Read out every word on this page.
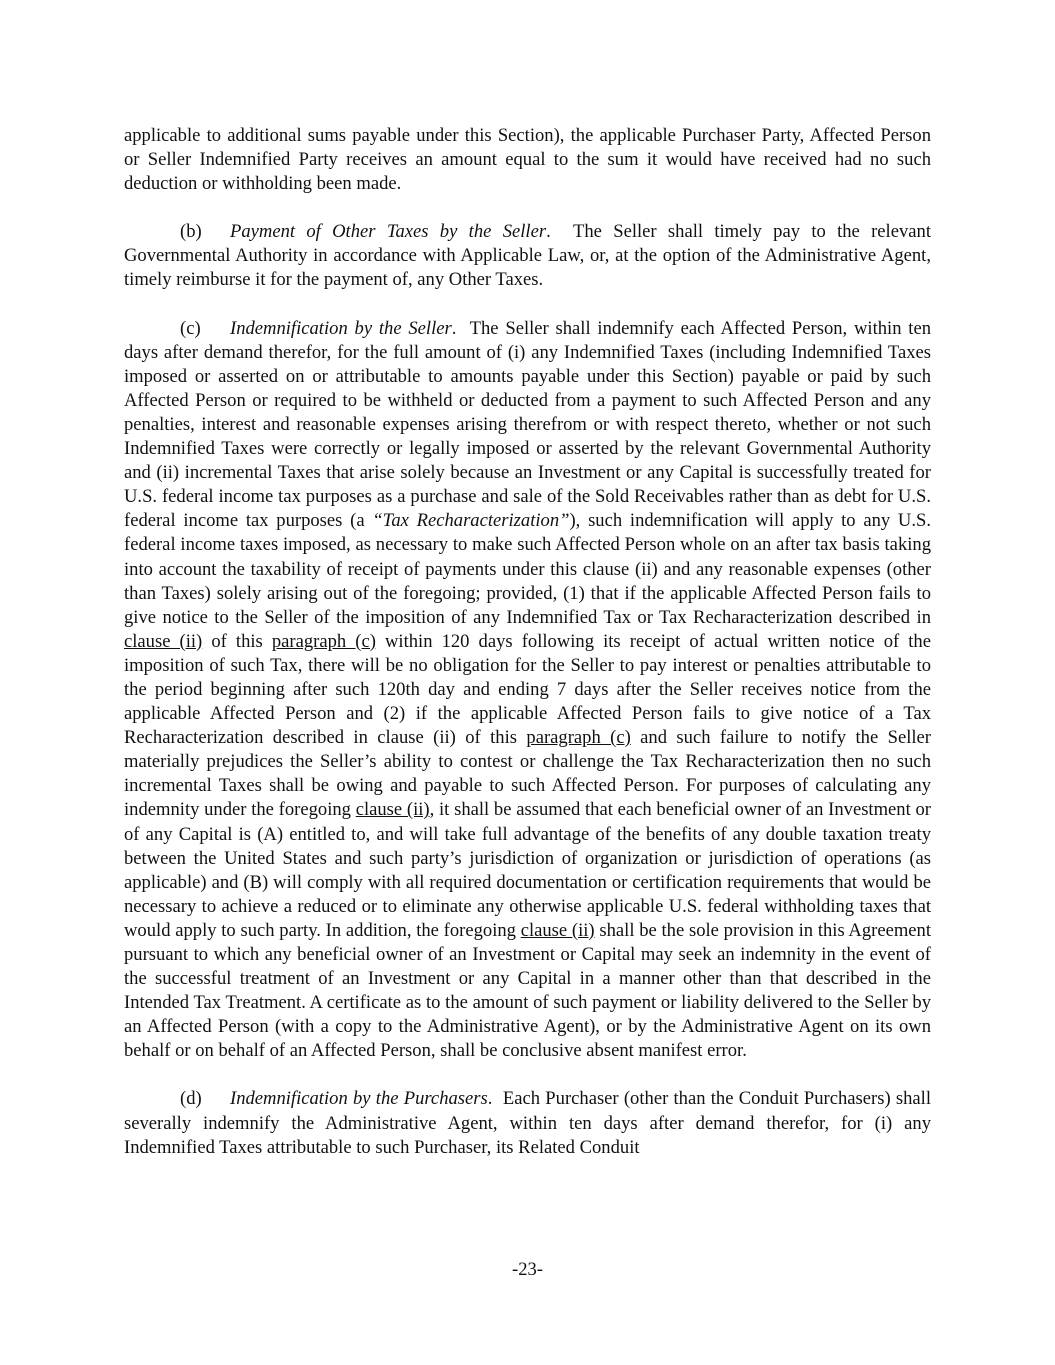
applicable to additional sums payable under this Section), the applicable Purchaser Party, Affected Person or Seller Indemnified Party receives an amount equal to the sum it would have received had no such deduction or withholding been made.

(b) Payment of Other Taxes by the Seller. The Seller shall timely pay to the relevant Governmental Authority in accordance with Applicable Law, or, at the option of the Administrative Agent, timely reimburse it for the payment of, any Other Taxes.

(c) Indemnification by the Seller. The Seller shall indemnify each Affected Person, within ten days after demand therefor, for the full amount of (i) any Indemnified Taxes (including Indemnified Taxes imposed or asserted on or attributable to amounts payable under this Section) payable or paid by such Affected Person or required to be withheld or deducted from a payment to such Affected Person and any penalties, interest and reasonable expenses arising therefrom or with respect thereto, whether or not such Indemnified Taxes were correctly or legally imposed or asserted by the relevant Governmental Authority and (ii) incremental Taxes that arise solely because an Investment or any Capital is successfully treated for U.S. federal income tax purposes as a purchase and sale of the Sold Receivables rather than as debt for U.S. federal income tax purposes (a “Tax Recharacterization”), such indemnification will apply to any U.S. federal income taxes imposed, as necessary to make such Affected Person whole on an after tax basis taking into account the taxability of receipt of payments under this clause (ii) and any reasonable expenses (other than Taxes) solely arising out of the foregoing; provided, (1) that if the applicable Affected Person fails to give notice to the Seller of the imposition of any Indemnified Tax or Tax Recharacterization described in clause (ii) of this paragraph (c) within 120 days following its receipt of actual written notice of the imposition of such Tax, there will be no obligation for the Seller to pay interest or penalties attributable to the period beginning after such 120th day and ending 7 days after the Seller receives notice from the applicable Affected Person and (2) if the applicable Affected Person fails to give notice of a Tax Recharacterization described in clause (ii) of this paragraph (c) and such failure to notify the Seller materially prejudices the Seller’s ability to contest or challenge the Tax Recharacterization then no such incremental Taxes shall be owing and payable to such Affected Person. For purposes of calculating any indemnity under the foregoing clause (ii), it shall be assumed that each beneficial owner of an Investment or of any Capital is (A) entitled to, and will take full advantage of the benefits of any double taxation treaty between the United States and such party’s jurisdiction of organization or jurisdiction of operations (as applicable) and (B) will comply with all required documentation or certification requirements that would be necessary to achieve a reduced or to eliminate any otherwise applicable U.S. federal withholding taxes that would apply to such party. In addition, the foregoing clause (ii) shall be the sole provision in this Agreement pursuant to which any beneficial owner of an Investment or Capital may seek an indemnity in the event of the successful treatment of an Investment or any Capital in a manner other than that described in the Intended Tax Treatment. A certificate as to the amount of such payment or liability delivered to the Seller by an Affected Person (with a copy to the Administrative Agent), or by the Administrative Agent on its own behalf or on behalf of an Affected Person, shall be conclusive absent manifest error.

(d) Indemnification by the Purchasers. Each Purchaser (other than the Conduit Purchasers) shall severally indemnify the Administrative Agent, within ten days after demand therefor, for (i) any Indemnified Taxes attributable to such Purchaser, its Related Conduit

-23-
